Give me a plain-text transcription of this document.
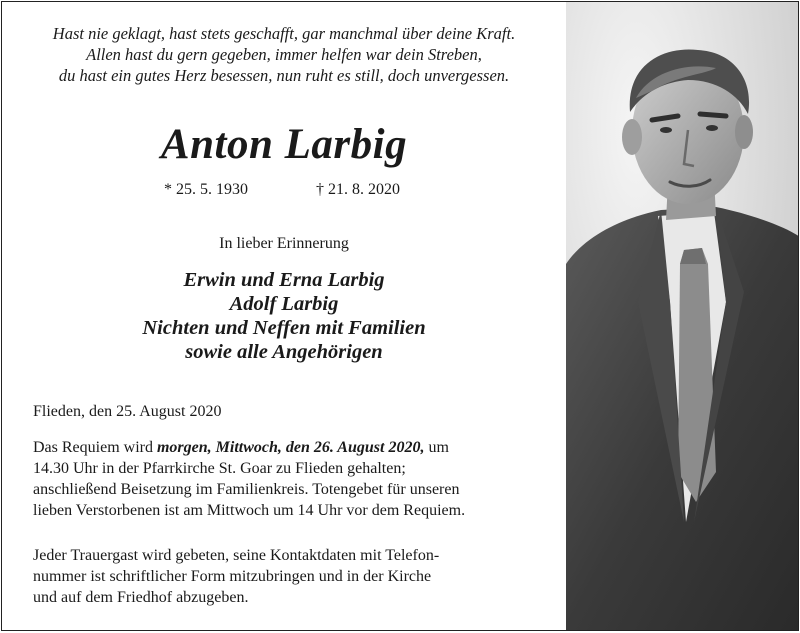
Hast nie geklagt, hast stets geschafft, gar manchmal über deine Kraft.
Allen hast du gern gegeben, immer helfen war dein Streben,
du hast ein gutes Herz besessen, nun ruht es still, doch unvergessen.
Anton Larbig
* 25. 5. 1930	† 21. 8. 2020
In lieber Erinnerung
Erwin und Erna Larbig
Adolf Larbig
Nichten und Neffen mit Familien
sowie alle Angehörigen
Flieden, den 25. August 2020
Das Requiem wird morgen, Mittwoch, den 26. August 2020, um
14.30 Uhr in der Pfarrkirche St. Goar zu Flieden gehalten;
anschließend Beisetzung im Familienkreis. Totengebet für unseren
lieben Verstorbenen ist am Mittwoch um 14 Uhr vor dem Requiem.
Jeder Trauergast wird gebeten, seine Kontaktdaten mit Telefon-
nummer ist schriftlicher Form mitzubringen und in der Kirche
und auf dem Friedhof abzugeben.
